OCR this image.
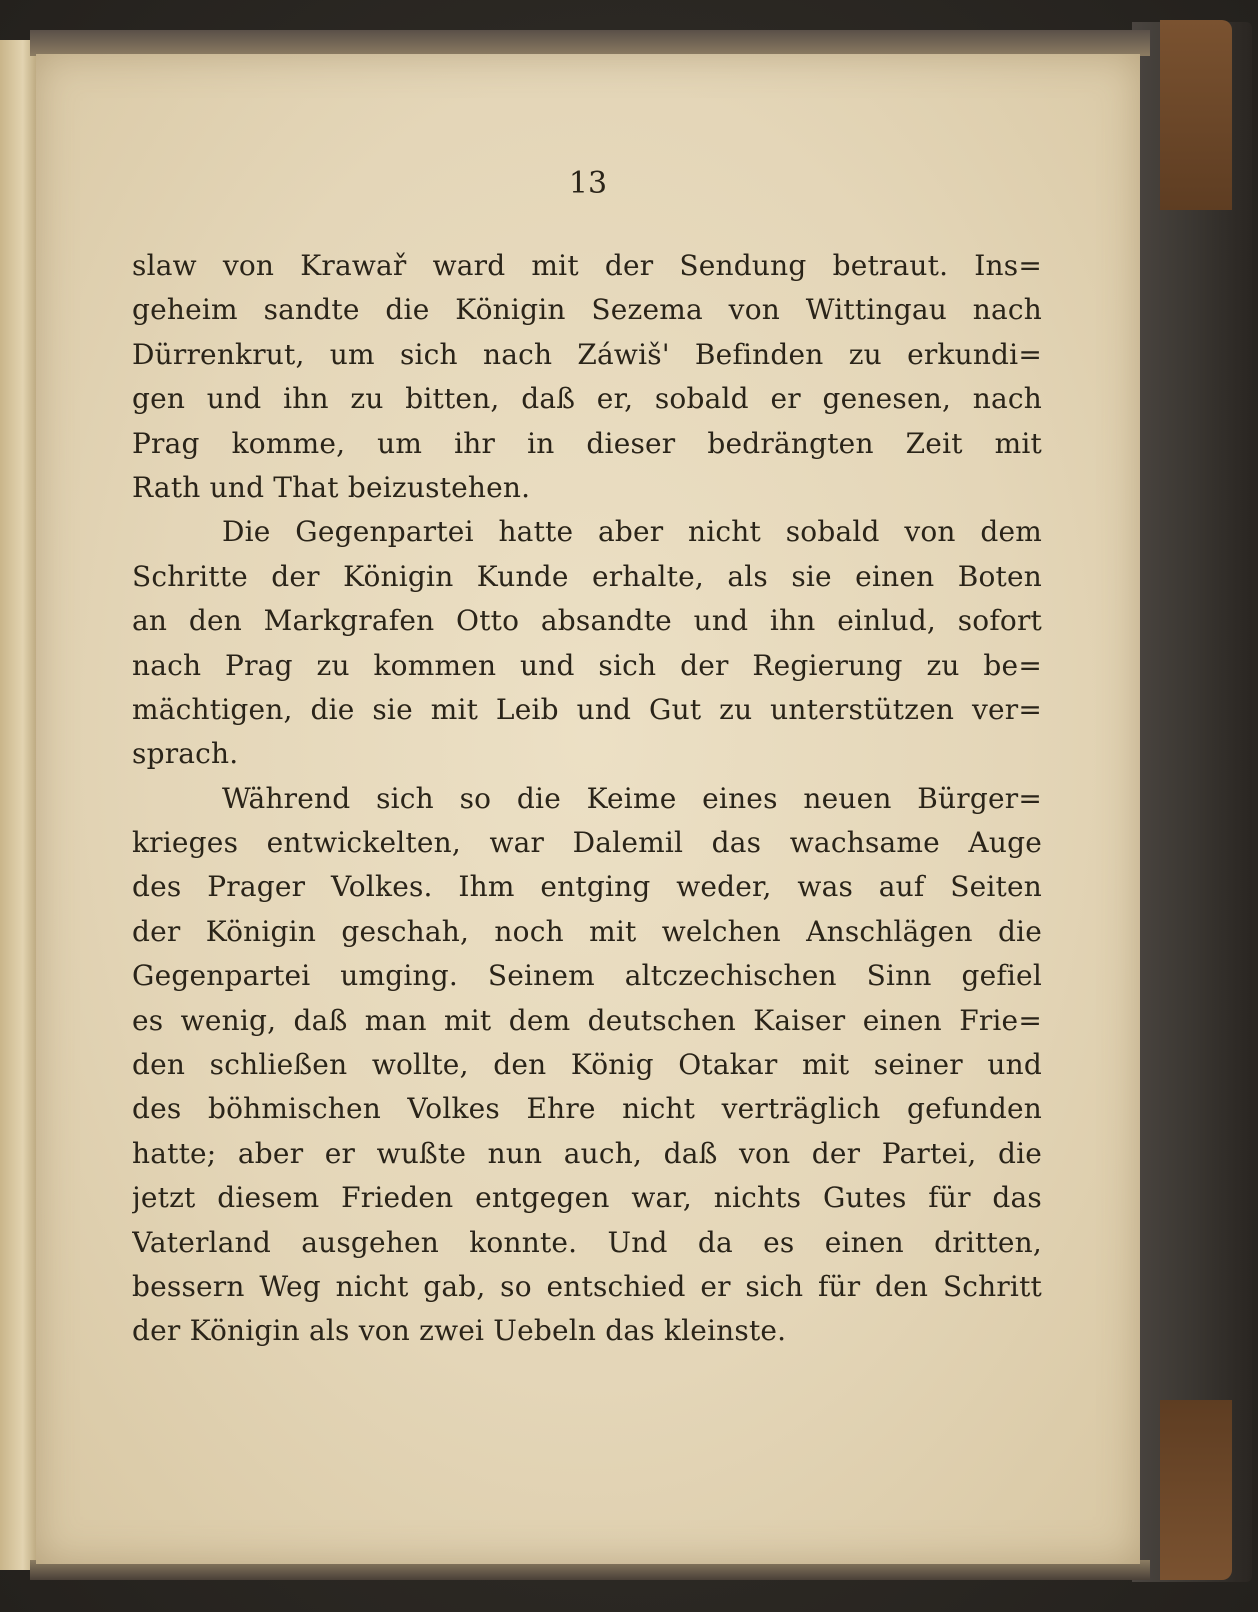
13
slaw von Krawař ward mit der Sendung betraut. Ins=
geheim sandte die Königin Sezema von Wittingau nach
Dürrenkrut, um sich nach Záwiš' Befinden zu erkundi=
gen und ihn zu bitten, daß er, sobald er genesen, nach
Prag komme, um ihr in dieser bedrängten Zeit mit
Rath und That beizustehen.
Die Gegenpartei hatte aber nicht sobald von dem
Schritte der Königin Kunde erhalte, als sie einen Boten
an den Markgrafen Otto absandte und ihn einlud, sofort
nach Prag zu kommen und sich der Regierung zu be=
mächtigen, die sie mit Leib und Gut zu unterstützen ver=
sprach.
Während sich so die Keime eines neuen Bürger=
krieges entwickelten, war Dalemil das wachsame Auge
des Prager Volkes. Ihm entging weder, was auf Seiten
der Königin geschah, noch mit welchen Anschlägen die
Gegenpartei umging. Seinem altczechischen Sinn gefiel
es wenig, daß man mit dem deutschen Kaiser einen Frie=
den schließen wollte, den König Otakar mit seiner und
des böhmischen Volkes Ehre nicht verträglich gefunden
hatte; aber er wußte nun auch, daß von der Partei, die
jetzt diesem Frieden entgegen war, nichts Gutes für das
Vaterland ausgehen konnte. Und da es einen dritten,
bessern Weg nicht gab, so entschied er sich für den Schritt
der Königin als von zwei Uebeln das kleinste.
